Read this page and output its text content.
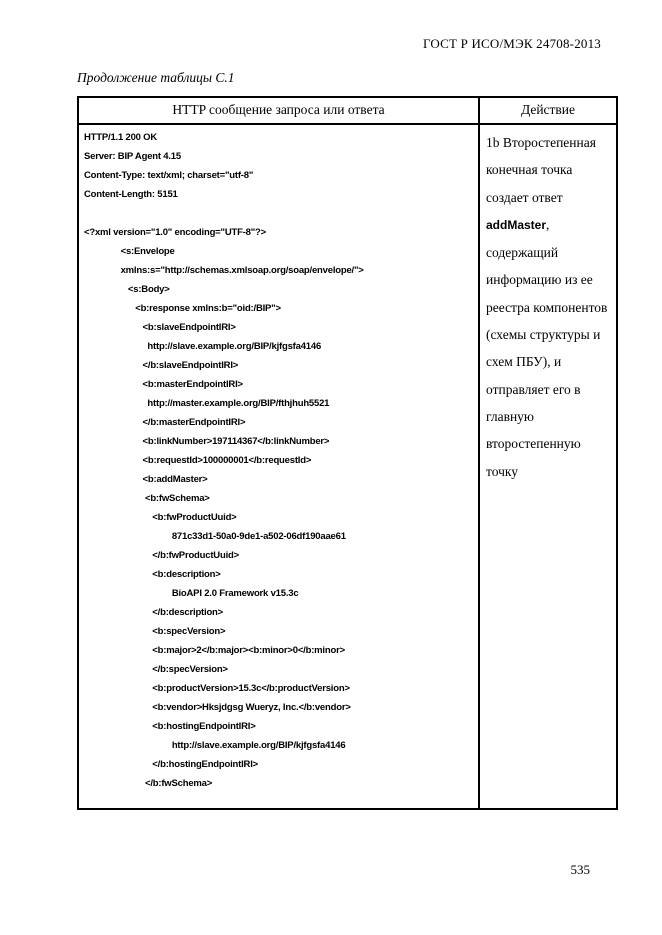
ГОСТ Р ИСО/МЭК 24708-2013
Продолжение таблицы С.1
HTTP сообщение запроса или ответа	Действие
HTTP/1.1 200 OK
Server: BIP Agent 4.15
Content-Type: text/xml; charset="utf-8"
Content-Length: 5151
<?xml version="1.0" encoding="UTF-8"?>
<s:Envelope
xmlns:s="http://schemas.xmlsoap.org/soap/envelope/">
<s:Body>
<b:response xmlns:b="oid:/BIP">
<b:slaveEndpointIRI>
http://slave.example.org/BIP/kjfgsfa4146
</b:slaveEndpointIRI>
<b:masterEndpointIRI>
http://master.example.org/BIP/fthjhuh5521
</b:masterEndpointIRI>
<b:linkNumber>197114367</b:linkNumber>
<b:requestId>100000001</b:requestId>
<b:addMaster>
<b:fwSchema>
<b:fwProductUuid>
871c33d1-50a0-9de1-a502-06df190aae61
</b:fwProductUuid>
<b:description>
BioAPI 2.0 Framework v15.3c
</b:description>
<b:specVersion>
<b:major>2</b:major><b:minor>0</b:minor>
</b:specVersion>
<b:productVersion>15.3c</b:productVersion>
<b:vendor>Hksjdgsg Wueryz, Inc.</b:vendor>
<b:hostingEndpointIRI>
http://slave.example.org/BIP/kjfgsfa4146
</b:hostingEndpointIRI>
</b:fwSchema>
1b Второстепенная конечная точка создает ответ addMaster, содержащий информацию из ее реестра компонентов (схемы структуры и схем ПБУ), и отправляет его в главную второстепенную точку
535
